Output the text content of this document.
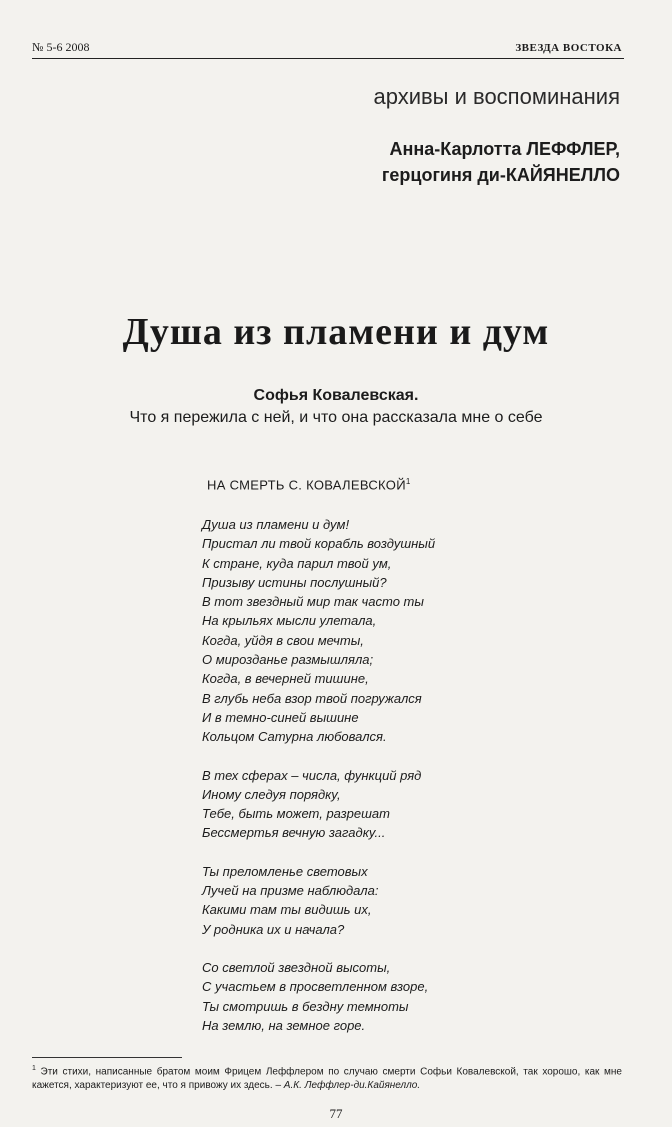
№ 5-6 2008	ЗВЕЗДА ВОСТОКА
архивы и воспоминания
Анна-Карлотта ЛЕФФЛЕР,
герцогиня ди-КАЙЯНЕЛЛО
Душа из пламени и дум
Софья Ковалевская.
Что я пережила с ней, и что она рассказала мне о себе
НА СМЕРТЬ С. КОВАЛЕВСКОЙ$^1$
Душа из пламени и дум!
Пристал ли твой корабль воздушный
К стране, куда парил твой ум,
Призыву истины послушный?
В тот звездный мир так часто ты
На крыльях мысли улетала,
Когда, уйдя в свои мечты,
О мирозданье размышляла;
Когда, в вечерней тишине,
В глубь неба взор твой погружался
И в темно-синей вышине
Кольцом Сатурна любовался.
В тех сферах – числа, функций ряд
Иному следуя порядку,
Тебе, быть может, разрешат
Бессмертья вечную загадку...
Ты преломленье световых
Лучей на призме наблюдала:
Какими там ты видишь их,
У родника их и начала?
Со светлой звездной высоты,
С участьем в просветленном взоре,
Ты смотришь в бездну темноты
На землю, на земное горе.
$^1$ Эти стихи, написанные братом моим Фрицем Леффлером по случаю смерти Софьи Ковалевской, так хорошо, как мне кажется, характеризуют ее, что я привожу их здесь. – А.К. Леффлер-ди.Кайянелло.
77
